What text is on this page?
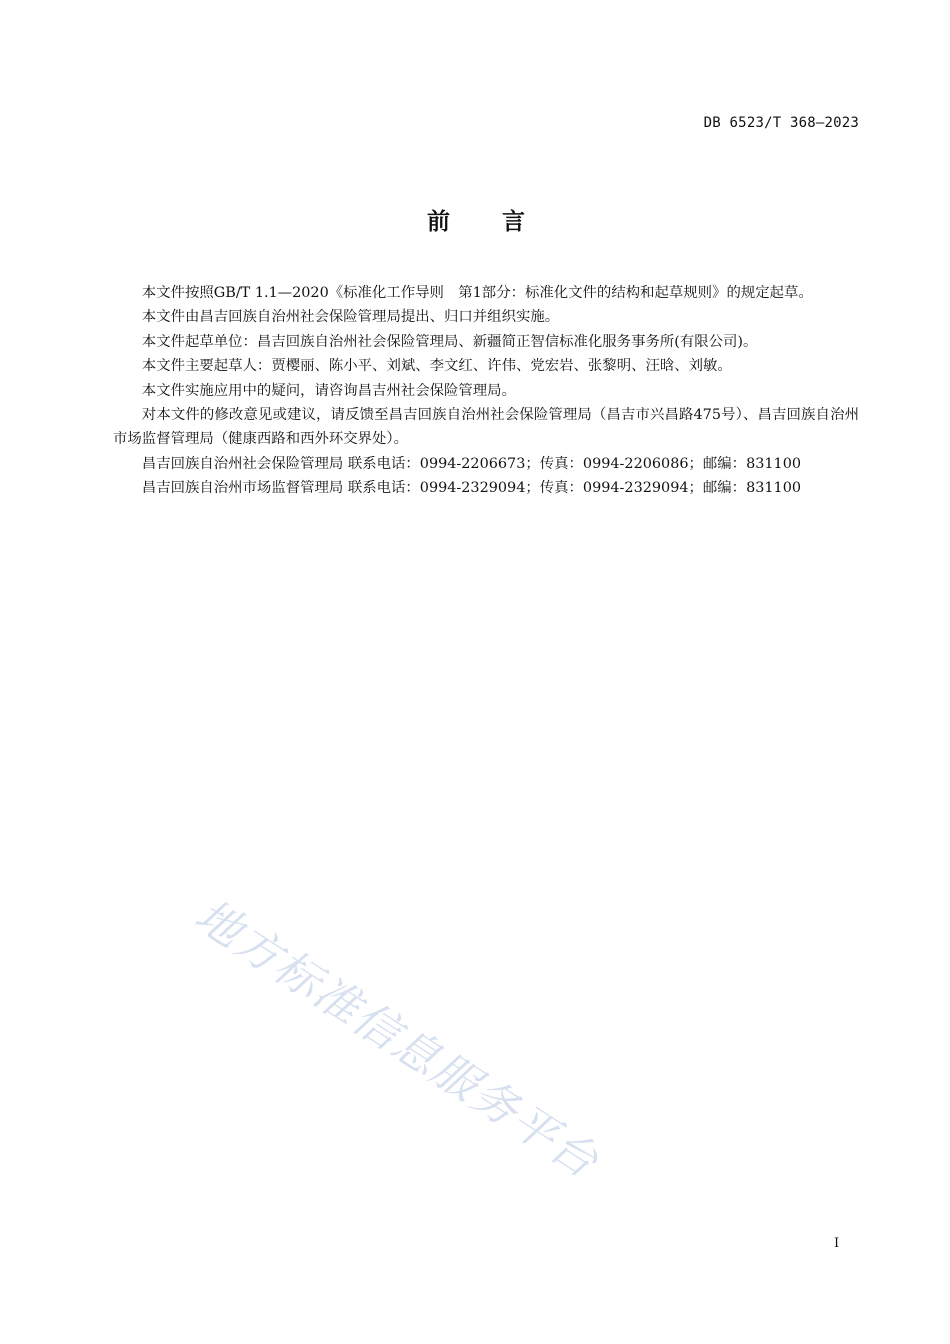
DB 6523/T 368—2023
前言

本文件按照GB/T 1.1—2020《标准化工作导则　第1部分：标准化文件的结构和起草规则》的规定起草。

本文件由昌吉回族自治州社会保险管理局提出、归口并组织实施。

本文件起草单位：昌吉回族自治州社会保险管理局、新疆简正智信标准化服务事务所(有限公司)。

本文件主要起草人：贾樱丽、陈小平、刘斌、李文红、许伟、党宏岩、张黎明、汪晗、刘敏。

本文件实施应用中的疑问，请咨询昌吉州社会保险管理局。

对本文件的修改意见或建议，请反馈至昌吉回族自治州社会保险管理局（昌吉市兴昌路475号）、昌吉回族自治州市场监督管理局（健康西路和西外环交界处）。

昌吉回族自治州社会保险管理局 联系电话：0994-2206673；传真：0994-2206086；邮编：831100

昌吉回族自治州市场监督管理局 联系电话：0994-2329094；传真：0994-2329094；邮编：831100

地方标准信息服务平台
I
